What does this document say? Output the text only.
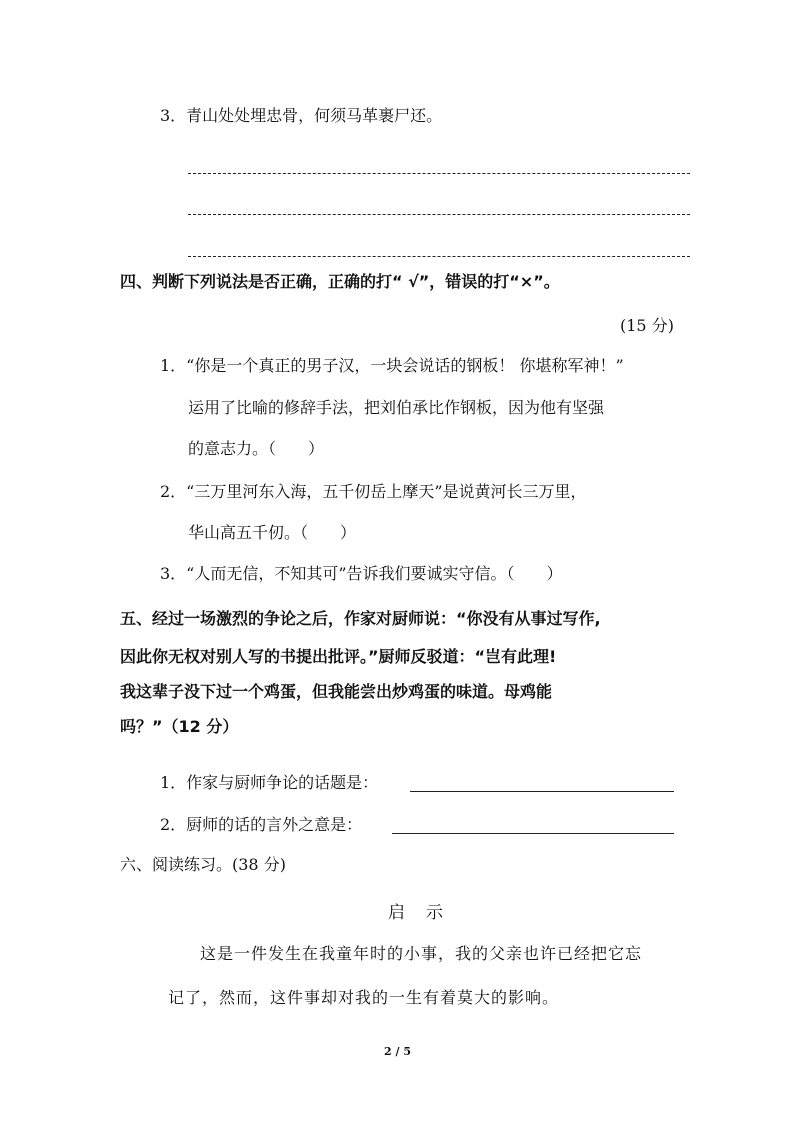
3．青山处处埋忠骨，何须马革裹尸还。
四、判断下列说法是否正确，正确的打“ √”，错误的打“×”。
(15 分)
1．“你是一个真正的男子汉，一块会说话的钢板！ 你堪称军神！”
运用了比喻的修辞手法，把刘伯承比作钢板，因为他有坚强
的意志力。（　　）
2．“三万里河东入海，五千仞岳上摩天”是说黄河长三万里，
华山高五千仞。（　　）
3．“人而无信，不知其可”告诉我们要诚实守信。（　　）
五、经过一场激烈的争论之后，作家对厨师说：“你没有从事过写作,
因此你无权对别人写的书提出批评。”厨师反驳道：“岂有此理!
我这辈子没下过一个鸡蛋，但我能尝出炒鸡蛋的味道。母鸡能
吗？”（12 分）
1．作家与厨师争论的话题是：
2．厨师的话的言外之意是：
六、阅读练习。(38 分)
启　示
这是一件发生在我童年时的小事，我的父亲也许已经把它忘
记了，然而，这件事却对我的一生有着莫大的影响。
2 / 5
